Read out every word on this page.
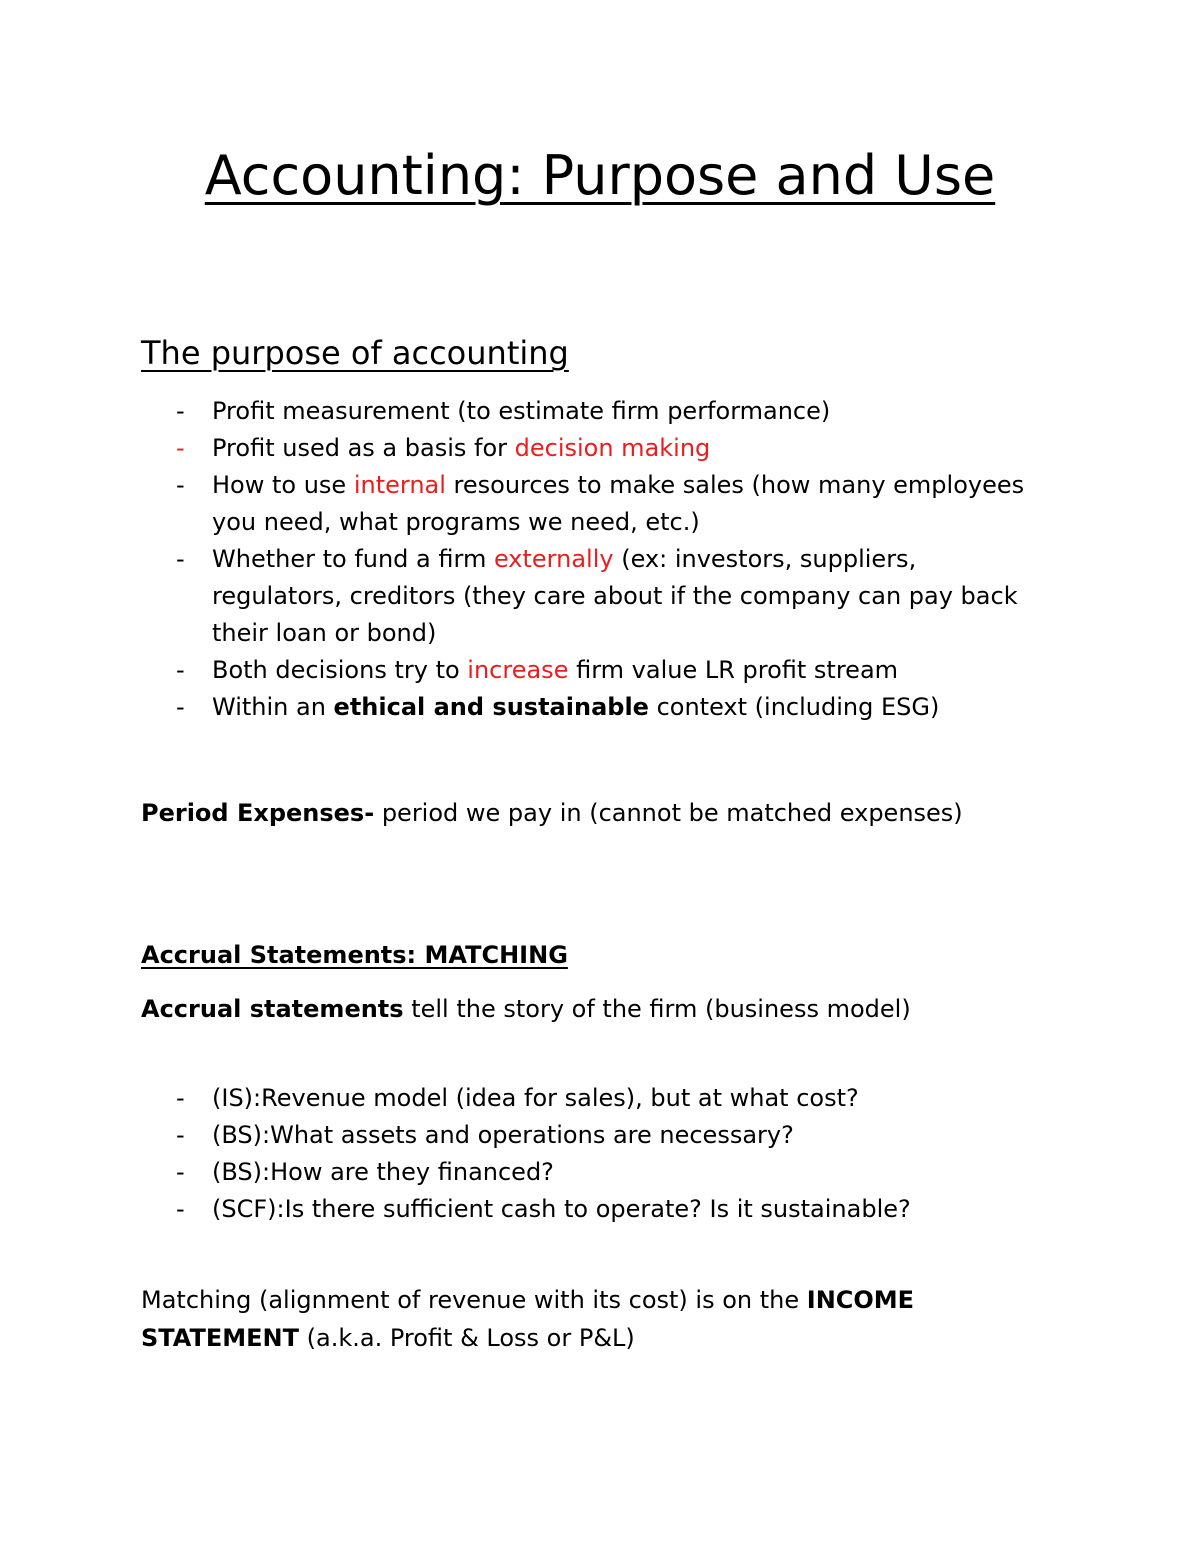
Accounting: Purpose and Use
The purpose of accounting
- Profit measurement (to estimate firm performance)
- Profit used as a basis for decision making
- How to use internal resources to make sales (how many employees you need, what programs we need, etc.)
- Whether to fund a firm externally (ex: investors, suppliers, regulators, creditors (they care about if the company can pay back their loan or bond)
- Both decisions try to increase firm value LR profit stream
- Within an ethical and sustainable context (including ESG)

Period Expenses- period we pay in (cannot be matched expenses)

Accrual Statements: MATCHING

Accrual statements tell the story of the firm (business model)

- (IS):Revenue model (idea for sales), but at what cost?
- (BS):What assets and operations are necessary?
- (BS):How are they financed?
- (SCF):Is there sufficient cash to operate? Is it sustainable?

Matching (alignment of revenue with its cost) is on the INCOME STATEMENT (a.k.a. Profit & Loss or P&L)
